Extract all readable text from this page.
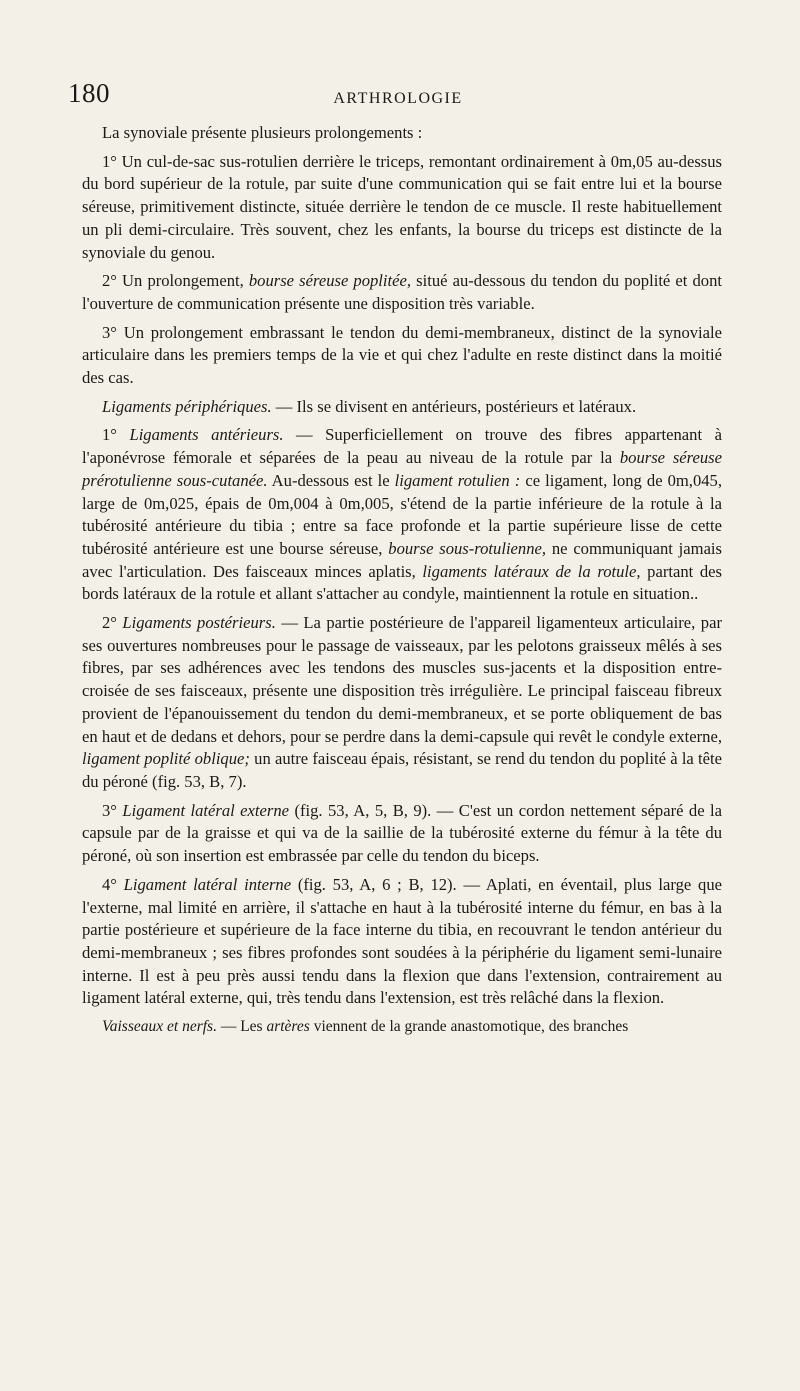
180	ARTHROLOGIE

La synoviale présente plusieurs prolongements :

1° Un cul-de-sac sus-rotulien derrière le triceps, remontant ordinairement à 0m,05 au-dessus du bord supérieur de la rotule, par suite d'une communication qui se fait entre lui et la bourse séreuse, primitivement distincte, située derrière le tendon de ce muscle. Il reste habituellement un pli demi-circulaire. Très souvent, chez les enfants, la bourse du triceps est distincte de la synoviale du genou.

2° Un prolongement, bourse séreuse poplitée, situé au-dessous du tendon du poplité et dont l'ouverture de communication présente une disposition très variable.

3° Un prolongement embrassant le tendon du demi-membraneux, distinct de la synoviale articulaire dans les premiers temps de la vie et qui chez l'adulte en reste distinct dans la moitié des cas.

Ligaments périphériques. — Ils se divisent en antérieurs, postérieurs et latéraux.

1° Ligaments antérieurs. — Superficiellement on trouve des fibres appartenant à l'aponévrose fémorale et séparées de la peau au niveau de la rotule par la bourse séreuse prérotulienne sous-cutanée. Au-dessous est le ligament rotulien : ce ligament, long de 0m,045, large de 0m,025, épais de 0m,004 à 0m,005, s'étend de la partie inférieure de la rotule à la tubérosité antérieure du tibia ; entre sa face profonde et la partie supérieure lisse de cette tubérosité antérieure est une bourse séreuse, bourse sous-rotulienne, ne communiquant jamais avec l'articulation. Des faisceaux minces aplatis, ligaments latéraux de la rotule, partant des bords latéraux de la rotule et allant s'attacher au condyle, maintiennent la rotule en situation..

2° Ligaments postérieurs. — La partie postérieure de l'appareil ligamenteux articulaire, par ses ouvertures nombreuses pour le passage de vaisseaux, par les pelotons graisseux mêlés à ses fibres, par ses adhérences avec les tendons des muscles sus-jacents et la disposition entre-croisée de ses faisceaux, présente une disposition très irrégulière. Le principal faisceau fibreux provient de l'épanouissement du tendon du demi-membraneux, et se porte obliquement de bas en haut et de dedans et dehors, pour se perdre dans la demi-capsule qui revêt le condyle externe, ligament poplité oblique; un autre faisceau épais, résistant, se rend du tendon du poplité à la tête du péroné (fig. 53, B, 7).

3° Ligament latéral externe (fig. 53, A, 5, B, 9). — C'est un cordon nettement séparé de la capsule par de la graisse et qui va de la saillie de la tubérosité externe du fémur à la tête du péroné, où son insertion est embrassée par celle du tendon du biceps.

4° Ligament latéral interne (fig. 53, A, 6 ; B, 12). — Aplati, en éventail, plus large que l'externe, mal limité en arrière, il s'attache en haut à la tubérosité interne du fémur, en bas à la partie postérieure et supérieure de la face interne du tibia, en recouvrant le tendon antérieur du demi-membraneux ; ses fibres profondes sont soudées à la périphérie du ligament semi-lunaire interne. Il est à peu près aussi tendu dans la flexion que dans l'extension, contrairement au ligament latéral externe, qui, très tendu dans l'extension, est très relâché dans la flexion.

Vaisseaux et nerfs. — Les artères viennent de la grande anastomotique, des branches
